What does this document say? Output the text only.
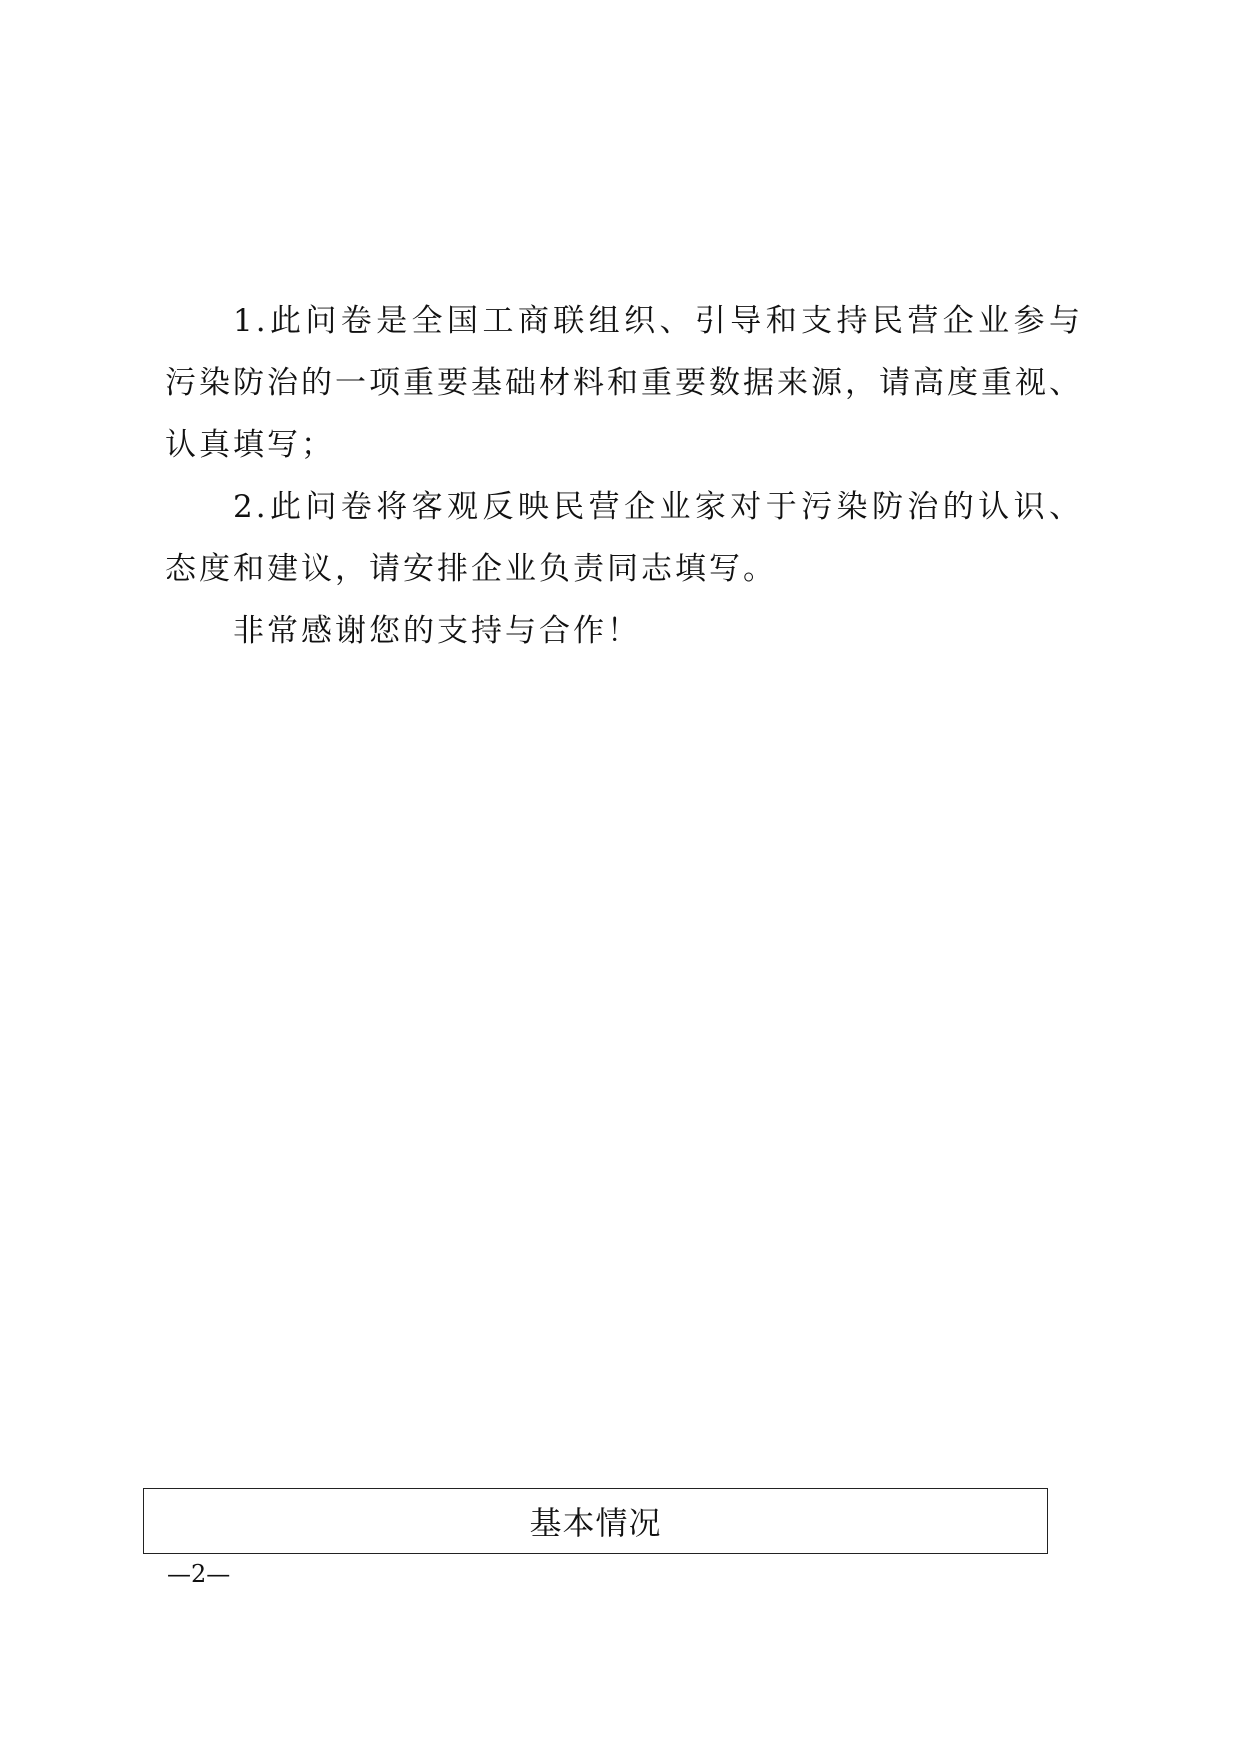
1.此问卷是全国工商联组织、引导和支持民营企业参与污染防治的一项重要基础材料和重要数据来源，请高度重视、认真填写；

2.此问卷将客观反映民营企业家对于污染防治的认识、态度和建议，请安排企业负责同志填写。

非常感谢您的支持与合作！

基本情况
—2—
